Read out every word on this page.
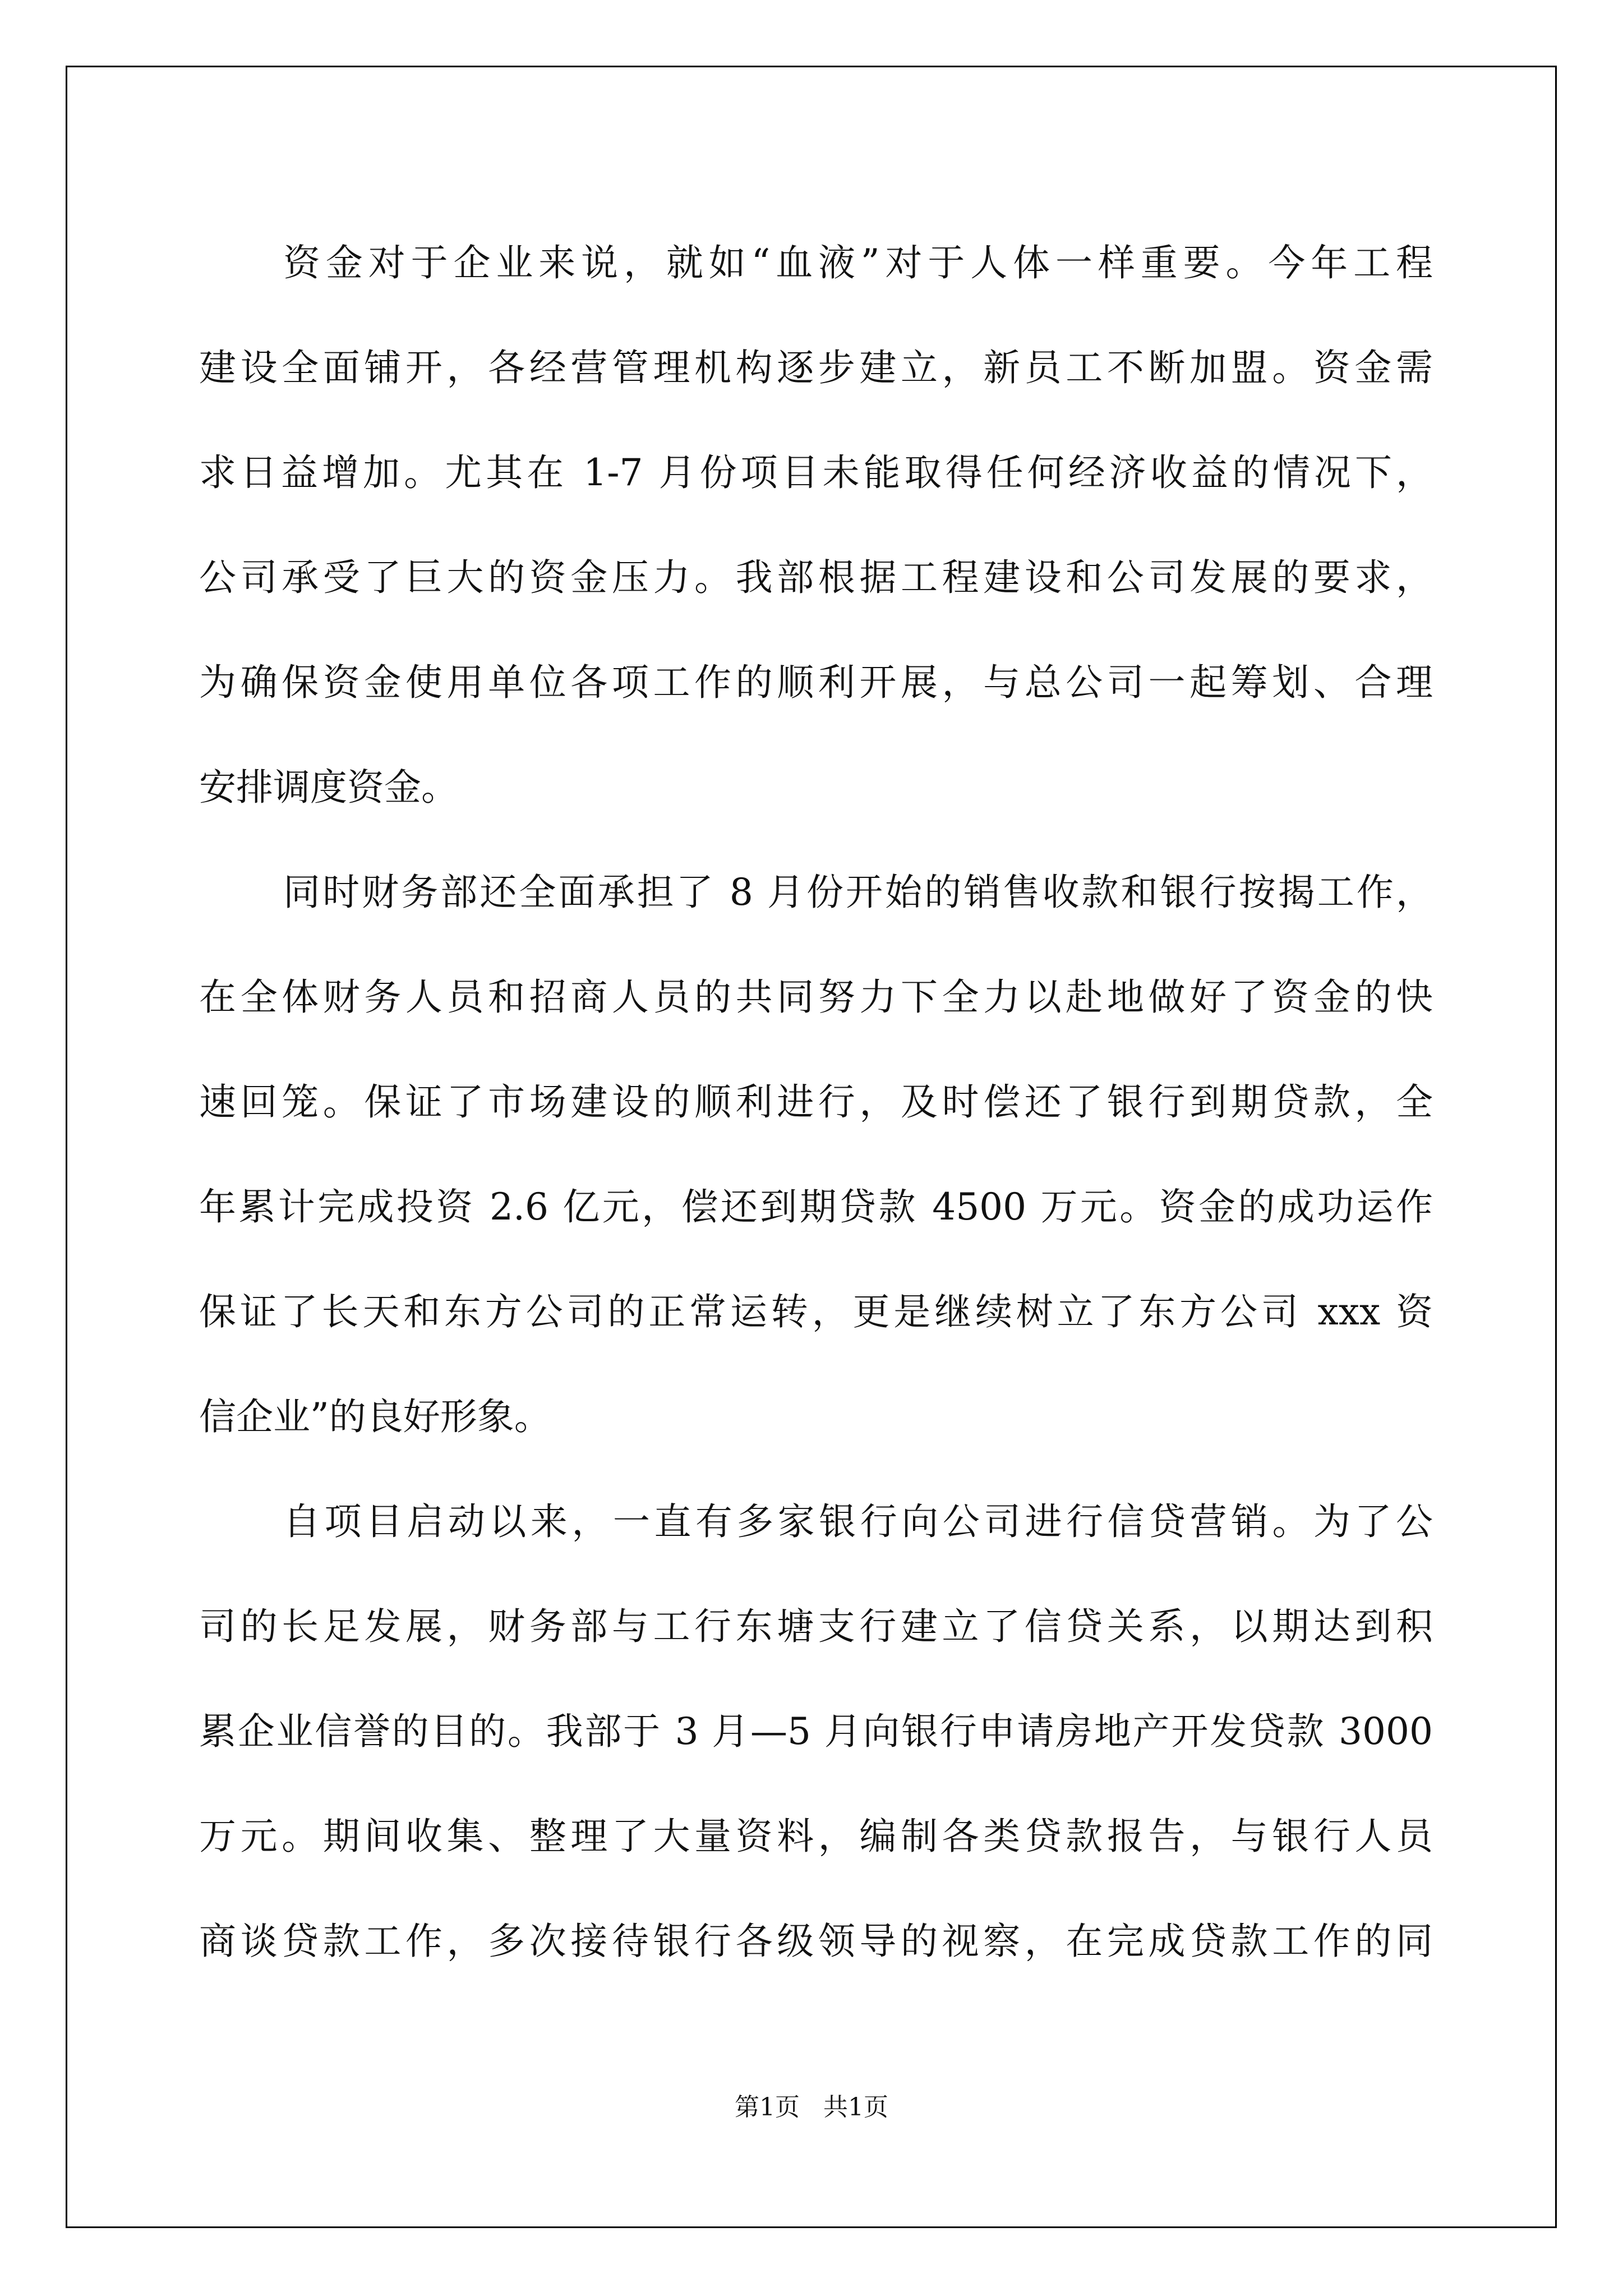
资金对于企业来说，就如“血液”对于人体一样重要。今年工程
建设全面铺开，各经营管理机构逐步建立，新员工不断加盟。资金需
求日益增加。尤其在 1-7 月份项目未能取得任何经济收益的情况下，
公司承受了巨大的资金压力。我部根据工程建设和公司发展的要求，
为确保资金使用单位各项工作的顺利开展，与总公司一起筹划、合理
安排调度资金。
同时财务部还全面承担了 8 月份开始的销售收款和银行按揭工作，
在全体财务人员和招商人员的共同努力下全力以赴地做好了资金的快
速回笼。保证了市场建设的顺利进行，及时偿还了银行到期贷款，全
年累计完成投资 2.6 亿元，偿还到期贷款 4500 万元。资金的成功运作
保证了长天和东方公司的正常运转，更是继续树立了东方公司 xxx 资
信企业”的良好形象。
自项目启动以来，一直有多家银行向公司进行信贷营销。为了公
司的长足发展，财务部与工行东塘支行建立了信贷关系，以期达到积
累企业信誉的目的。我部于 3 月—5 月向银行申请房地产开发贷款 3000
万元。期间收集、整理了大量资料，编制各类贷款报告，与银行人员
商谈贷款工作，多次接待银行各级领导的视察，在完成贷款工作的同
第1页 共1页
